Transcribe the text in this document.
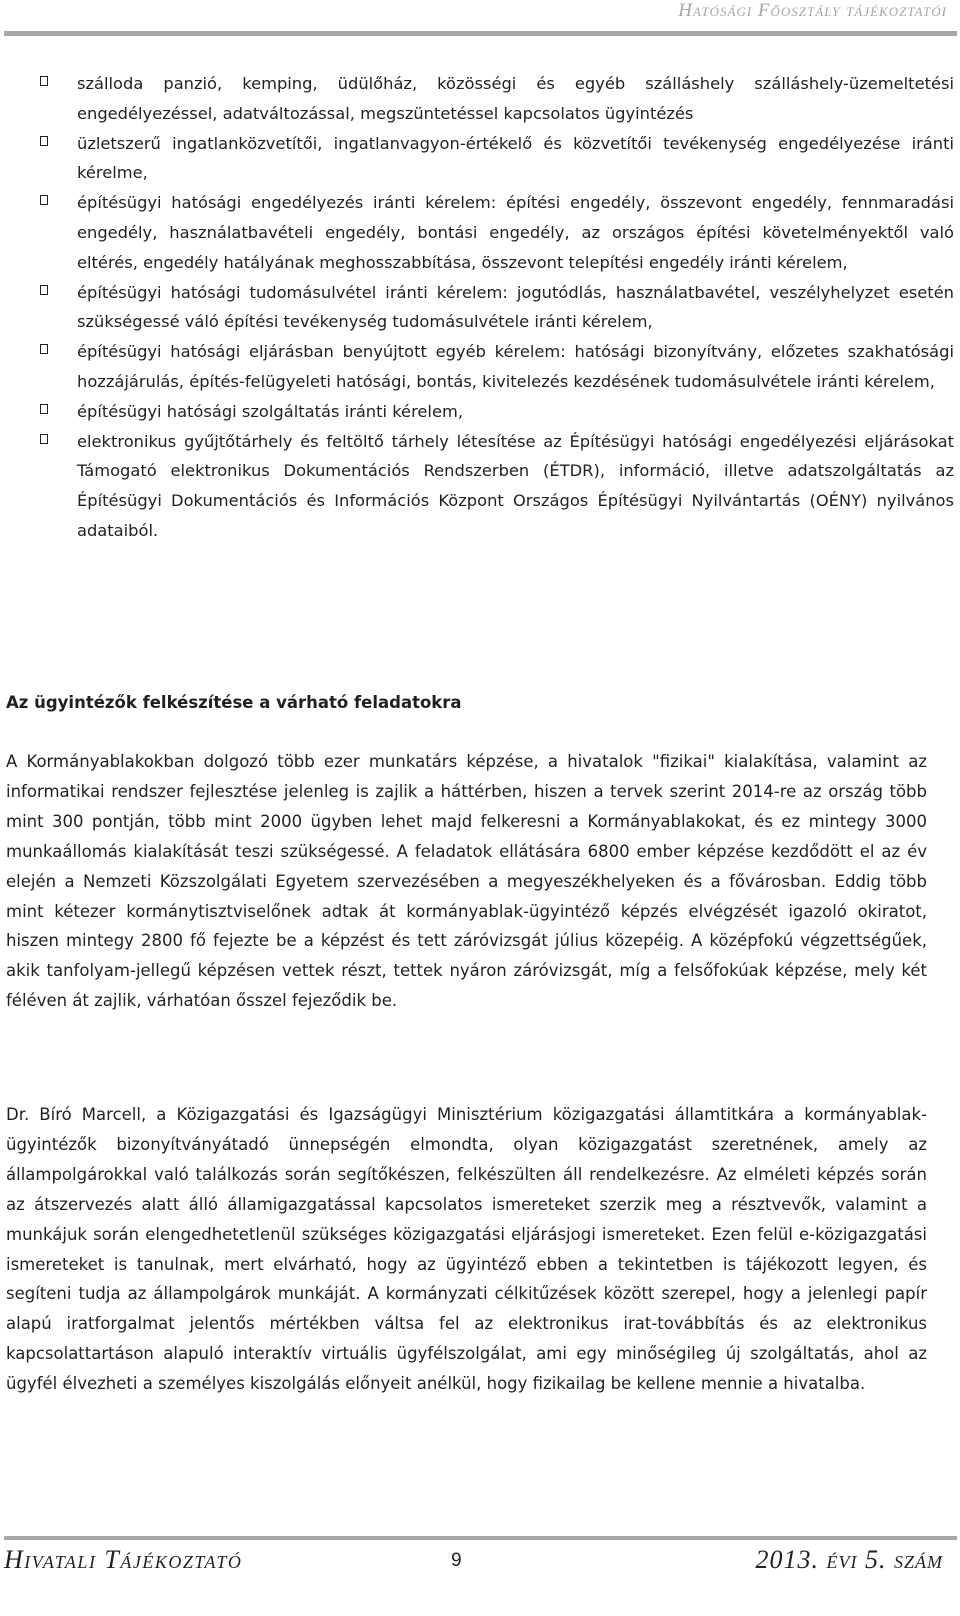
Hatósági Főosztály tájékoztatói
szálloda panzió, kemping, üdülőház, közösségi és egyéb szálláshely szálláshely-üzemeltetési engedélyezéssel, adatváltozással, megszüntetéssel kapcsolatos ügyintézés
üzletszerű ingatlanközvetítői, ingatlanvagyon-értékelő és közvetítői tevékenység engedélyezése iránti kérelme,
építésügyi hatósági engedélyezés iránti kérelem: építési engedély, összevont engedély, fennmaradási engedély, használatbavételi engedély, bontási engedély, az országos építési követelményektől való eltérés, engedély hatályának meghosszabbítása, összevont telepítési engedély iránti kérelem,
építésügyi hatósági tudomásulvétel iránti kérelem: jogutódlás, használatbavétel, veszélyhelyzet esetén szükségessé váló építési tevékenység tudomásulvétele iránti kérelem,
építésügyi hatósági eljárásban benyújtott egyéb kérelem: hatósági bizonyítvány, előzetes szakhatósági hozzájárulás, építés-felügyeleti hatósági, bontás, kivitelezés kezdésének tudomásulvétele iránti kérelem,
építésügyi hatósági szolgáltatás iránti kérelem,
elektronikus gyűjtőtárhely és feltöltő tárhely létesítése az Építésügyi hatósági engedélyezési eljárásokat Támogató elektronikus Dokumentációs Rendszerben (ÉTDR), információ, illetve adatszolgáltatás az Építésügyi Dokumentációs és Információs Központ Országos Építésügyi Nyilvántartás (OÉNY) nyilvános adataiból.
Az ügyintézők felkészítése a várható feladatokra

A Kormányablakokban dolgozó több ezer munkatárs képzése, a hivatalok "fizikai" kialakítása, valamint az informatikai rendszer fejlesztése jelenleg is zajlik a háttérben, hiszen a tervek szerint 2014-re az ország több mint 300 pontján, több mint 2000 ügyben lehet majd felkeresni a Kormányablakokat, és ez mintegy 3000 munkaállomás kialakítását teszi szükségessé. A feladatok ellátására 6800 ember képzése kezdődött el az év elején a Nemzeti Közszolgálati Egyetem szervezésében a megyeszékhelyeken és a fővárosban. Eddig több mint kétezer kormánytisztviselőnek adtak át kormányablak-ügyintéző képzés elvégzését igazoló okiratot, hiszen mintegy 2800 fő fejezte be a képzést és tett záróvizsgát július közepéig. A középfokú végzettségűek, akik tanfolyam-jellegű képzésen vettek részt, tettek nyáron záróvizsgát, míg a felsőfokúak képzése, mely két féléven át zajlik, várhatóan ősszel fejeződik be.

Dr. Bíró Marcell, a Közigazgatási és Igazságügyi Minisztérium közigazgatási államtitkára a kormányablak-ügyintézők bizonyítványátadó ünnepségén elmondta, olyan közigazgatást szeretnének, amely az állampolgárokkal való találkozás során segítőkészen, felkészülten áll rendelkezésre. Az elméleti képzés során az átszervezés alatt álló államigazgatással kapcsolatos ismereteket szerzik meg a résztvevők, valamint a munkájuk során elengedhetetlenül szükséges közigazgatási eljárásjogi ismereteket. Ezen felül e-közigazgatási ismereteket is tanulnak, mert elvárható, hogy az ügyintéző ebben a tekintetben is tájékozott legyen, és segíteni tudja az állampolgárok munkáját. A kormányzati célkitűzések között szerepel, hogy a jelenlegi papír alapú iratforgalmat jelentős mértékben váltsa fel az elektronikus irat-továbbítás és az elektronikus kapcsolattartáson alapuló interaktív virtuális ügyfélszolgálat, ami egy minőségileg új szolgáltatás, ahol az ügyfél élvezheti a személyes kiszolgálás előnyeit anélkül, hogy fizikailag be kellene mennie a hivatalba.

Hivatali Tájékoztató	9	2013. évi 5. szám
